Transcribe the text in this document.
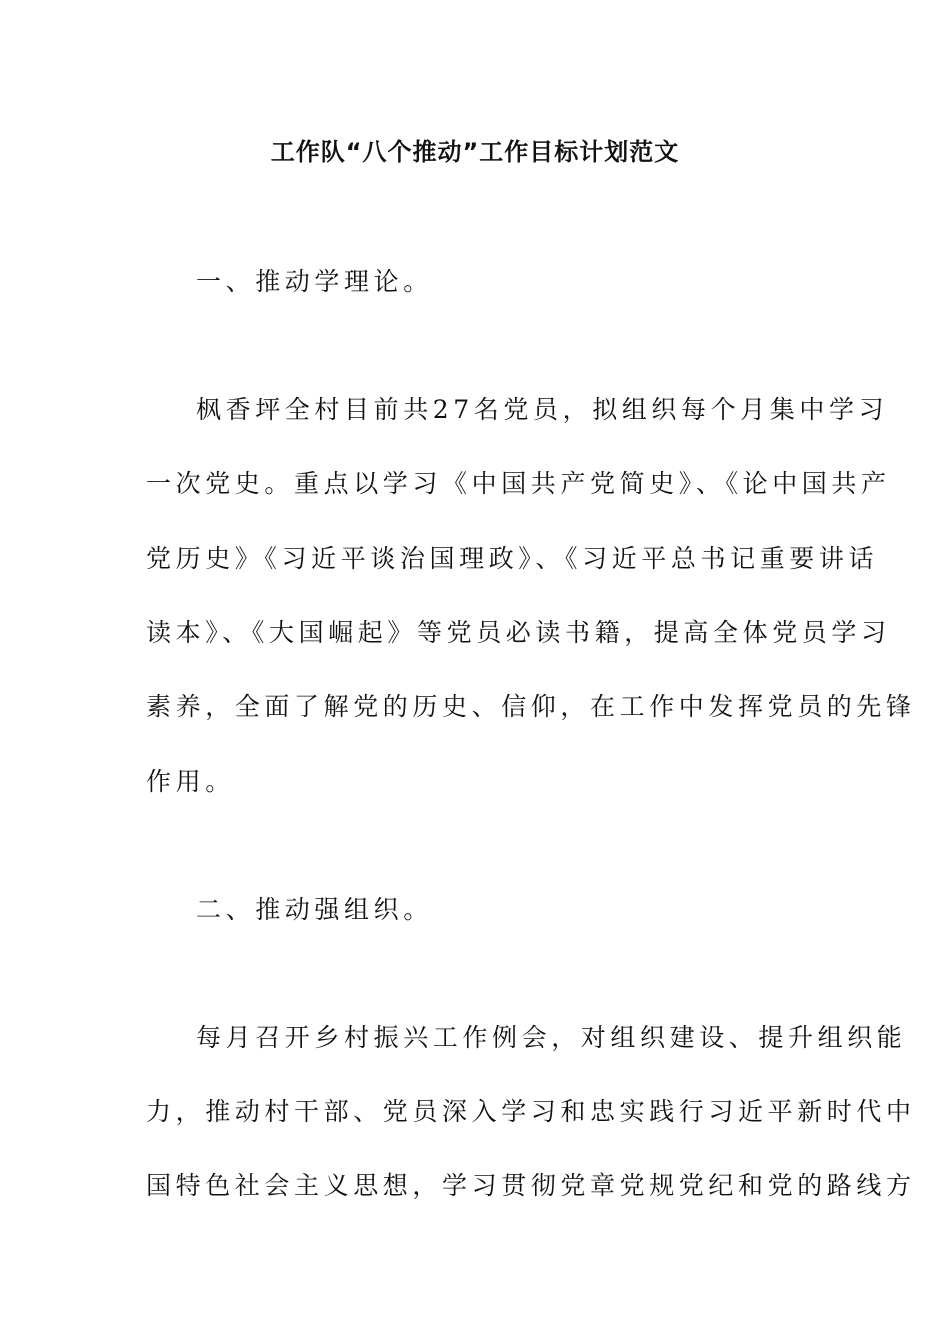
工作队“八个推动”工作目标计划范文
一、推动学理论。
枫香坪全村目前共27名党员，拟组织每个月集中学习
一次党史。重点以学习《中国共产党简史》、《论中国共产
党历史》《习近平谈治国理政》、《习近平总书记重要讲话
读本》、《大国崛起》等党员必读书籍，提高全体党员学习
素养，全面了解党的历史、信仰，在工作中发挥党员的先锋
作用。
二、推动强组织。
每月召开乡村振兴工作例会，对组织建设、提升组织能
力，推动村干部、党员深入学习和忠实践行习近平新时代中
国特色社会主义思想，学习贯彻党章党规党纪和党的路线方
